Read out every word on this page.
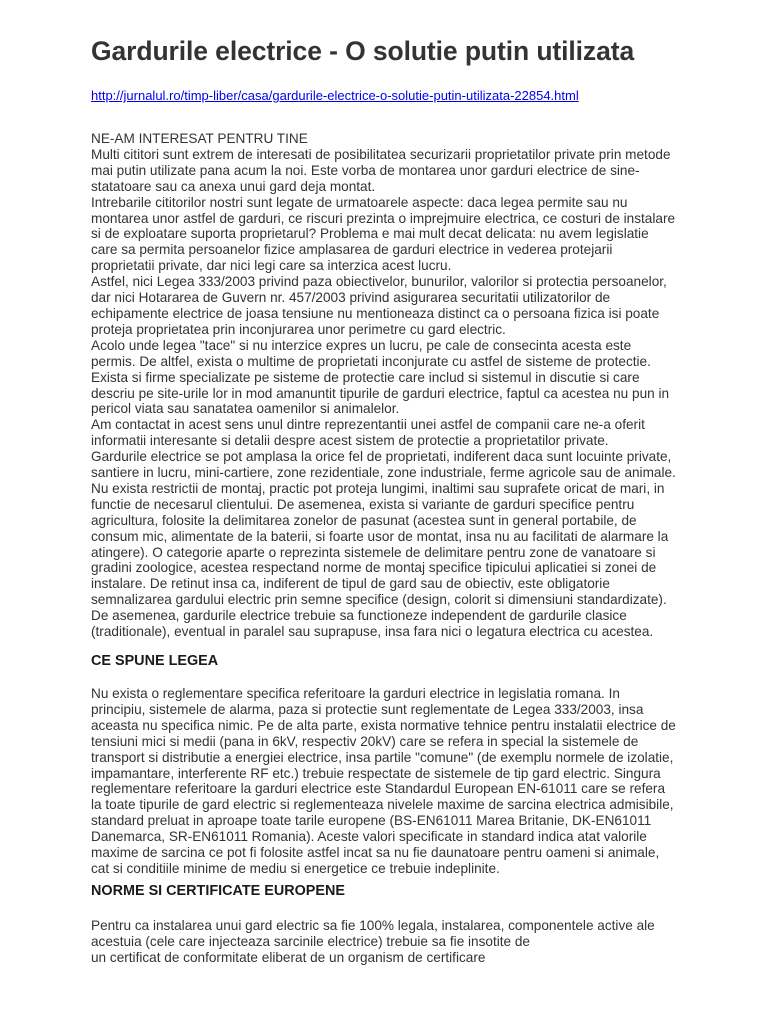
Gardurile electrice - O solutie putin utilizata
http://jurnalul.ro/timp-liber/casa/gardurile-electrice-o-solutie-putin-utilizata-22854.html
NE-AM INTERESAT PENTRU TINE
Multi cititori sunt extrem de interesati de posibilitatea securizarii proprietatilor private prin metode
mai putin utilizate pana acum la noi. Este vorba de montarea unor garduri electrice de sine-
statatoare sau ca anexa unui gard deja montat.
Intrebarile cititorilor nostri sunt legate de urmatoarele aspecte: daca legea permite sau nu
montarea unor astfel de garduri, ce riscuri prezinta o imprejmuire electrica, ce costuri de instalare
si de exploatare suporta proprietarul? Problema e mai mult decat delicata: nu avem legislatie
care sa permita persoanelor fizice amplasarea de garduri electrice in vederea protejarii
proprietatii private, dar nici legi care sa interzica acest lucru.
Astfel, nici Legea 333/2003 privind paza obiectivelor, bunurilor, valorilor si protectia persoanelor,
dar nici Hotararea de Guvern nr. 457/2003 privind asigurarea securitatii utilizatorilor de
echipamente electrice de joasa tensiune nu mentioneaza distinct ca o persoana fizica isi poate
proteja proprietatea prin inconjurarea unor perimetre cu gard electric.
Acolo unde legea "tace" si nu interzice expres un lucru, pe cale de consecinta acesta este
permis. De altfel, exista o multime de proprietati inconjurate cu astfel de sisteme de protectie.
Exista si firme specializate pe sisteme de protectie care includ si sistemul in discutie si care
descriu pe site-urile lor in mod amanuntit tipurile de garduri electrice, faptul ca acestea nu pun in
pericol viata sau sanatatea oamenilor si animalelor.
Am contactat in acest sens unul dintre reprezentantii unei astfel de companii care ne-a oferit
informatii interesante si detalii despre acest sistem de protectie a proprietatilor private.
Gardurile electrice se pot amplasa la orice fel de proprietati, indiferent daca sunt locuinte private,
santiere in lucru, mini-cartiere, zone rezidentiale, zone industriale, ferme agricole sau de animale.
Nu exista restrictii de montaj, practic pot proteja lungimi, inaltimi sau suprafete oricat de mari, in
functie de necesarul clientului. De asemenea, exista si variante de garduri specifice pentru
agricultura, folosite la delimitarea zonelor de pasunat (acestea sunt in general portabile, de
consum mic, alimentate de la baterii, si foarte usor de montat, insa nu au facilitati de alarmare la
atingere). O categorie aparte o reprezinta sistemele de delimitare pentru zone de vanatoare si
gradini zoologice, acestea respectand norme de montaj specifice tipicului aplicatiei si zonei de
instalare. De retinut insa ca, indiferent de tipul de gard sau de obiectiv, este obligatorie
semnalizarea gardului electric prin semne specifice (design, colorit si dimensiuni standardizate).
De asemenea, gardurile electrice trebuie sa functioneze independent de gardurile clasice
(traditionale), eventual in paralel sau suprapuse, insa fara nici o legatura electrica cu acestea.
CE SPUNE LEGEA
Nu exista o reglementare specifica referitoare la garduri electrice in legislatia romana. In
principiu, sistemele de alarma, paza si protectie sunt reglementate de Legea 333/2003, insa
aceasta nu specifica nimic. Pe de alta parte, exista normative tehnice pentru instalatii electrice de
tensiuni mici si medii (pana in 6kV, respectiv 20kV) care se refera in special la sistemele de
transport si distributie a energiei electrice, insa partile "comune" (de exemplu normele de izolatie,
impamantare, interferente RF etc.) trebuie respectate de sistemele de tip gard electric. Singura
reglementare referitoare la garduri electrice este Standardul European EN-61011 care se refera
la toate tipurile de gard electric si reglementeaza nivelele maxime de sarcina electrica admisibile,
standard preluat in aproape toate tarile europene (BS-EN61011 Marea Britanie, DK-EN61011
Danemarca, SR-EN61011 Romania). Aceste valori specificate in standard indica atat valorile
maxime de sarcina ce pot fi folosite astfel incat sa nu fie daunatoare pentru oameni si animale,
cat si conditiile minime de mediu si energetice ce trebuie indeplinite.
NORME SI CERTIFICATE EUROPENE
Pentru ca instalarea unui gard electric sa fie 100% legala, instalarea, componentele active ale
acestuia (cele care injecteaza sarcinile electrice) trebuie sa fie insotite de
un certificat de conformitate eliberat de un organism de certificare
